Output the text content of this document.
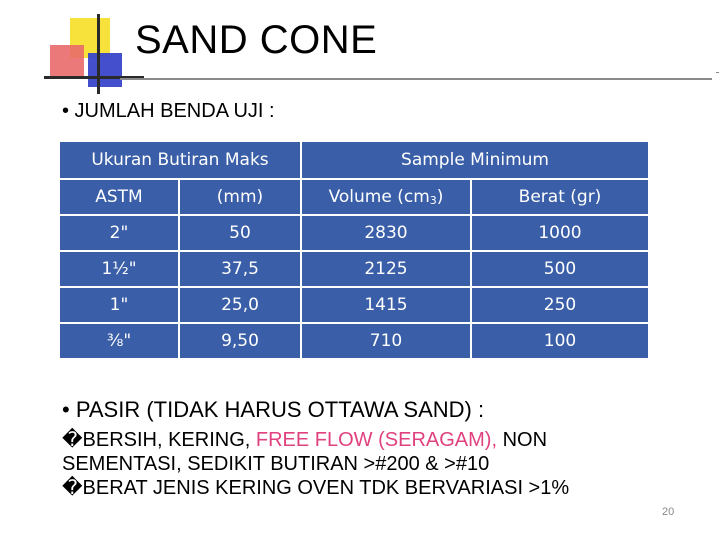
SAND CONE
• JUMLAH BENDA UJI :
Ukuran Butiran Maks		Sample Minimum	
ASTM	(mm)	Volume (cm3)	Berat (gr)
2"	50	2830	1000
1½"	37,5	2125	500
1"	25,0	1415	250
⅜"	9,50	710	100
• PASIR (TIDAK HARUS OTTAWA SAND) :
�BERSIH, KERING, FREE FLOW (SERAGAM), NON
SEMENTASI, SEDIKIT BUTIRAN >#200 & >#10
�BERAT JENIS KERING OVEN TDK BERVARIASI >1%
20
